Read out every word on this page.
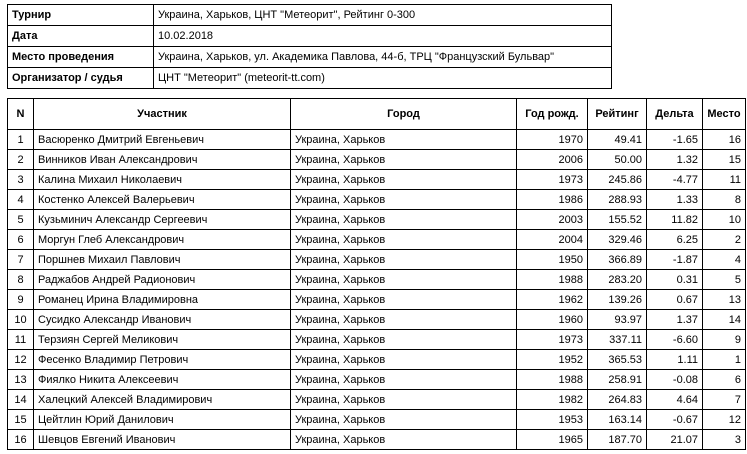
Турнир	Украина, Харьков, ЦНТ "Метеорит", Рейтинг 0-300
Дата	10.02.2018
Место проведения	Украина, Харьков, ул. Академика Павлова, 44-б, ТРЦ "Французский Бульвар"
Организатор / судья	ЦНТ "Метеорит" (meteorit-tt.com)
N	Участник	Город	Год рожд.	Рейтинг	Дельта	Место
1	Васюренко Дмитрий Евгеньевич	Украина, Харьков	1970	49.41	-1.65	16
2	Винников Иван Александрович	Украина, Харьков	2006	50.00	1.32	15
3	Калина Михаил Николаевич	Украина, Харьков	1973	245.86	-4.77	11
4	Костенко Алексей Валерьевич	Украина, Харьков	1986	288.93	1.33	8
5	Кузьминич Александр Сергеевич	Украина, Харьков	2003	155.52	11.82	10
6	Моргун Глеб Александрович	Украина, Харьков	2004	329.46	6.25	2
7	Поршнев Михаил Павлович	Украина, Харьков	1950	366.89	-1.87	4
8	Раджабов Андрей Радионович	Украина, Харьков	1988	283.20	0.31	5
9	Романец Ирина Владимировна	Украина, Харьков	1962	139.26	0.67	13
10	Сусидко Александр Иванович	Украина, Харьков	1960	93.97	1.37	14
11	Терзиян Сергей Меликович	Украина, Харьков	1973	337.11	-6.60	9
12	Фесенко Владимир Петрович	Украина, Харьков	1952	365.53	1.11	1
13	Фиялко Никита Алексеевич	Украина, Харьков	1988	258.91	-0.08	6
14	Халецкий Алексей Владимирович	Украина, Харьков	1982	264.83	4.64	7
15	Цейтлин Юрий Данилович	Украина, Харьков	1953	163.14	-0.67	12
16	Шевцов Евгений Иванович	Украина, Харьков	1965	187.70	21.07	3
